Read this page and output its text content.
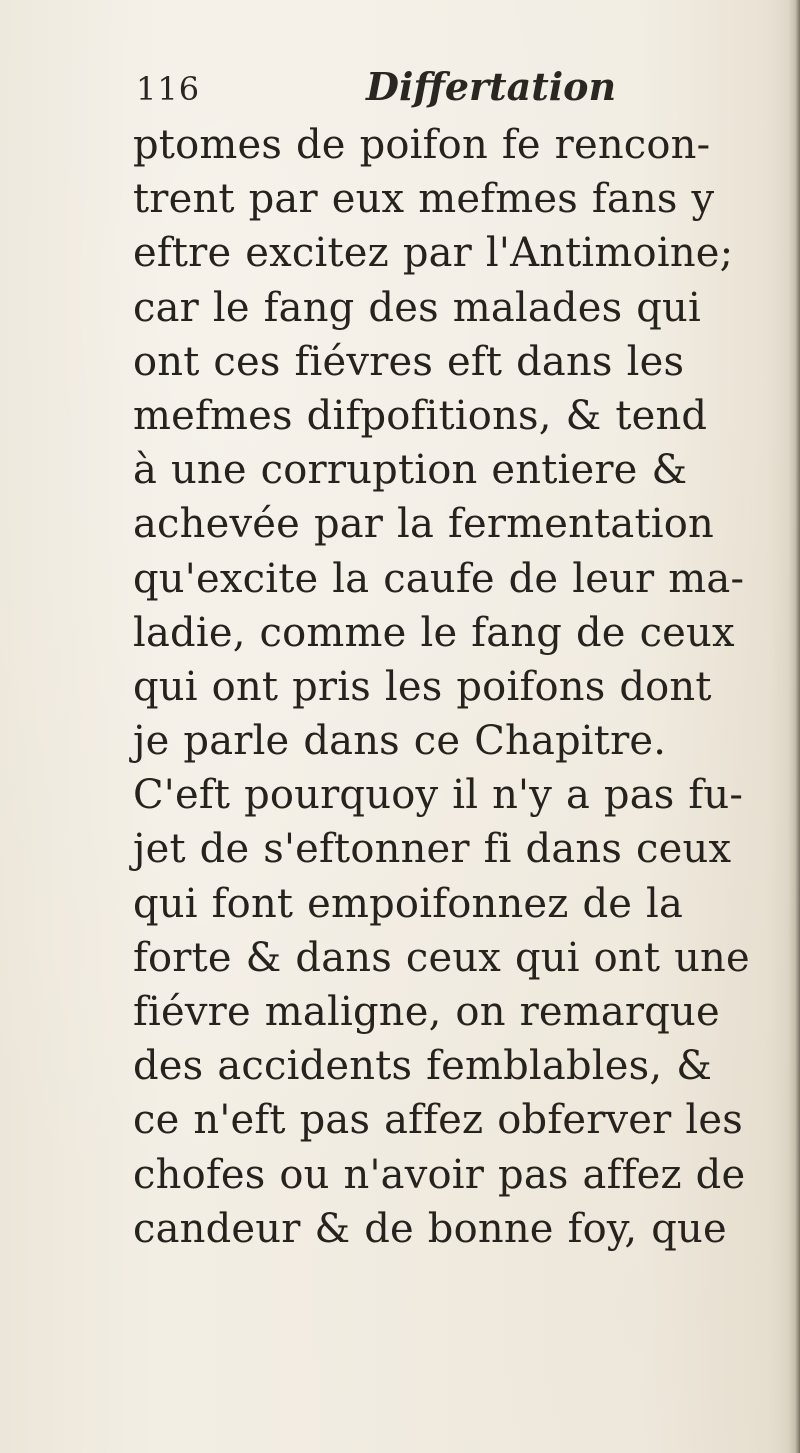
116	Differtation
ptomes de poifon fe rencon-
trent par eux mefmes fans y
eftre excitez par l'Antimoine;
car le fang des malades qui
ont ces fiévres eft dans les
mefmes difpofitions, & tend
à une corruption entiere &
achevée par la fermentation
qu'excite la caufe de leur ma-
ladie, comme le fang de ceux
qui ont pris les poifons dont
je parle dans ce Chapitre.
C'eft pourquoy il n'y a pas fu-
jet de s'eftonner fi dans ceux
qui font empoifonnez de la
forte & dans ceux qui ont une
fiévre maligne, on remarque
des accidents femblables, &
ce n'eft pas affez obferver les
chofes ou n'avoir pas affez de
candeur & de bonne foy, que
